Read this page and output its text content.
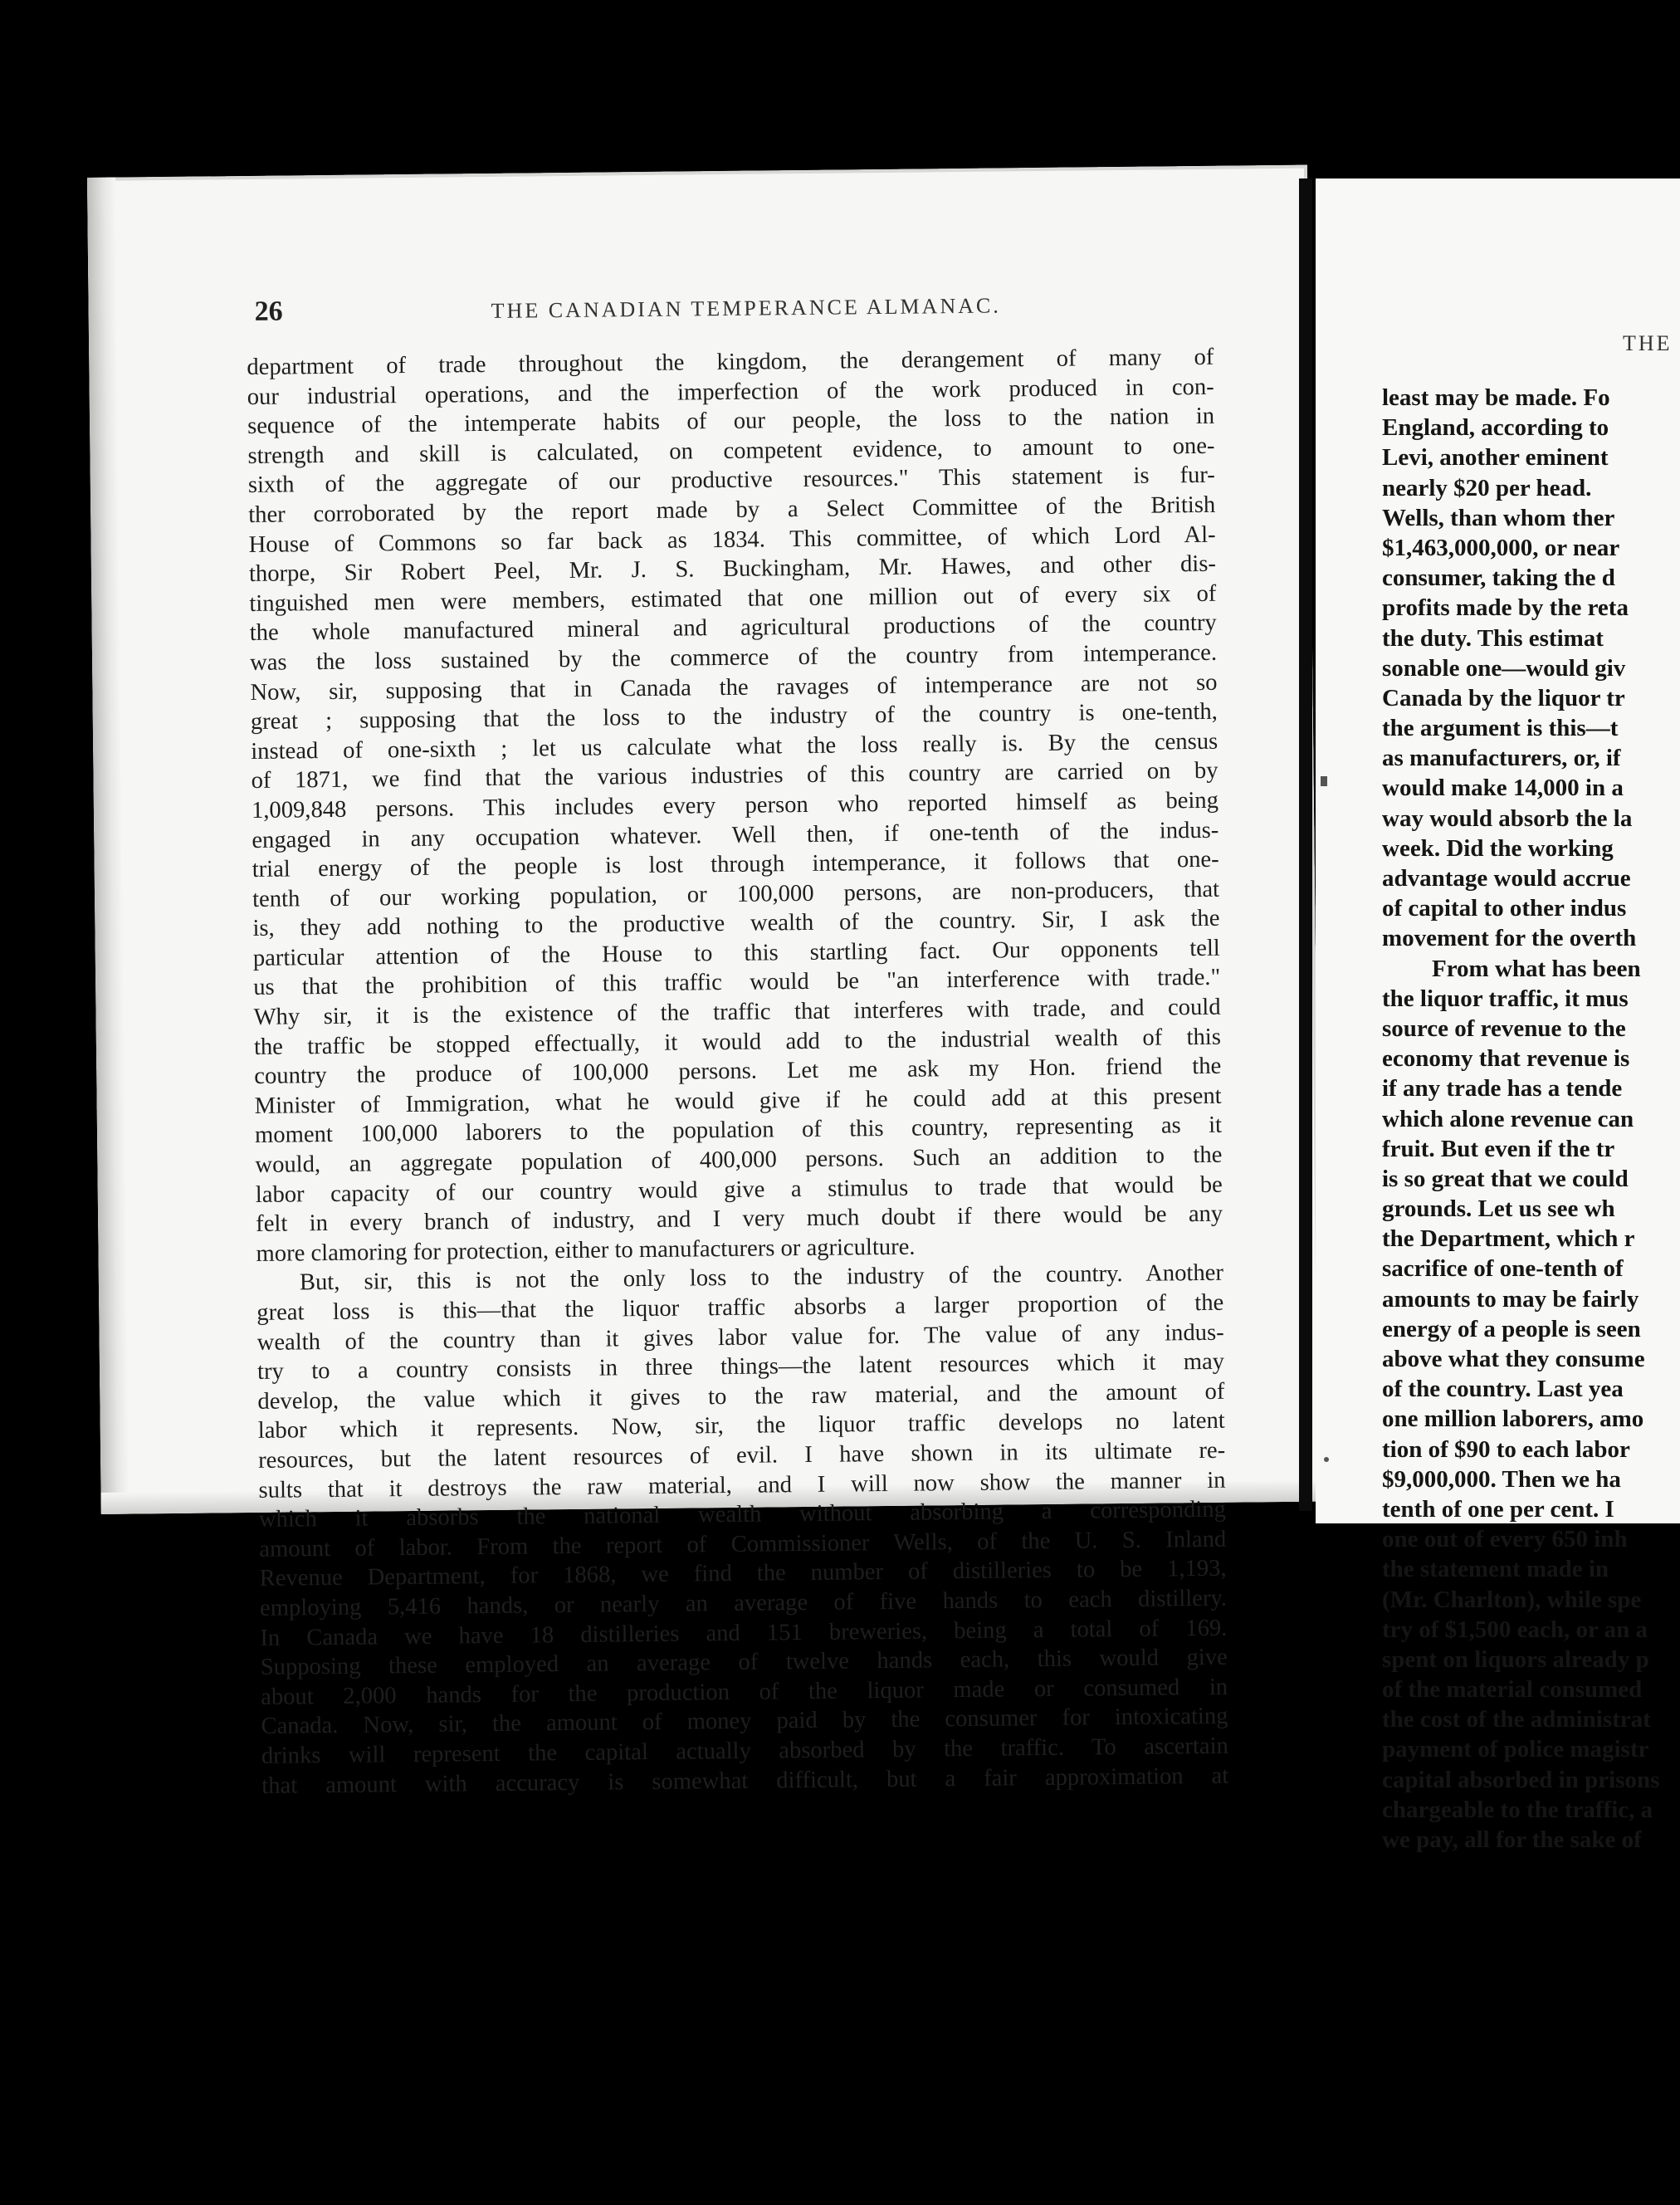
26	THE CANADIAN TEMPERANCE ALMANAC.
department of trade throughout the kingdom, the derangement of many of
our industrial operations, and the imperfection of the work produced in con-
sequence of the intemperate habits of our people, the loss to the nation in
strength and skill is calculated, on competent evidence, to amount to one-
sixth of the aggregate of our productive resources." This statement is fur-
ther corroborated by the report made by a Select Committee of the British
House of Commons so far back as 1834. This committee, of which Lord Al-
thorpe, Sir Robert Peel, Mr. J. S. Buckingham, Mr. Hawes, and other dis-
tinguished men were members, estimated that one million out of every six of
the whole manufactured mineral and agricultural productions of the country
was the loss sustained by the commerce of the country from intemperance.
Now, sir, supposing that in Canada the ravages of intemperance are not so
great ; supposing that the loss to the industry of the country is one-tenth,
instead of one-sixth ; let us calculate what the loss really is. By the census
of 1871, we find that the various industries of this country are carried on by
1,009,848 persons. This includes every person who reported himself as being
engaged in any occupation whatever. Well then, if one-tenth of the indus-
trial energy of the people is lost through intemperance, it follows that one-
tenth of our working population, or 100,000 persons, are non-producers, that
is, they add nothing to the productive wealth of the country. Sir, I ask the
particular attention of the House to this startling fact. Our opponents tell
us that the prohibition of this traffic would be "an interference with trade."
Why sir, it is the existence of the traffic that interferes with trade, and could
the traffic be stopped effectually, it would add to the industrial wealth of this
country the produce of 100,000 persons. Let me ask my Hon. friend the
Minister of Immigration, what he would give if he could add at this present
moment 100,000 laborers to the population of this country, representing as it
would, an aggregate population of 400,000 persons. Such an addition to the
labor capacity of our country would give a stimulus to trade that would be
felt in every branch of industry, and I very much doubt if there would be any
more clamoring for protection, either to manufacturers or agriculture.
But, sir, this is not the only loss to the industry of the country. Another
great loss is this—that the liquor traffic absorbs a larger proportion of the
wealth of the country than it gives labor value for. The value of any indus-
try to a country consists in three things—the latent resources which it may
develop, the value which it gives to the raw material, and the amount of
labor which it represents. Now, sir, the liquor traffic develops no latent
resources, but the latent resources of evil. I have shown in its ultimate re-
sults that it destroys the raw material, and I will now show the manner in
which it absorbs the national wealth without absorbing a corresponding
amount of labor. From the report of Commissioner Wells, of the U. S. Inland
Revenue Department, for 1868, we find the number of distilleries to be 1,193,
employing 5,416 hands, or nearly an average of five hands to each distillery.
In Canada we have 18 distilleries and 151 breweries, being a total of 169.
Supposing these employed an average of twelve hands each, this would give
about 2,000 hands for the production of the liquor made or consumed in
Canada. Now, sir, the amount of money paid by the consumer for intoxicating
drinks will represent the capital actually absorbed by the traffic. To ascertain
that amount with accuracy is somewhat difficult, but a fair approximation at
THE
least may be made. Fo
England, according to
Levi, another eminent
nearly $20 per head.
Wells, than whom ther
$1,463,000,000, or near
consumer, taking the d
profits made by the reta
the duty. This estimat
sonable one—would giv
Canada by the liquor tr
the argument is this—t
as manufacturers, or, if
would make 14,000 in a
way would absorb the la
week. Did the working
advantage would accrue
of capital to other indus
movement for the overth
From what has been
the liquor traffic, it mus
source of revenue to the
economy that revenue is
if any trade has a tende
which alone revenue can
fruit. But even if the tr
is so great that we could
grounds. Let us see wh
the Department, which r
sacrifice of one-tenth of
amounts to may be fairly
energy of a people is seen
above what they consume
of the country. Last yea
one million laborers, amo
tion of $90 to each labor
$9,000,000. Then we ha
tenth of one per cent. I
one out of every 650 inh
the statement made in
(Mr. Charlton), while spe
try of $1,500 each, or an a
spent on liquors already p
of the material consumed
the cost of the administrat
payment of police magistr
capital absorbed in prisons
chargeable to the traffic, a
we pay, all for the sake of
